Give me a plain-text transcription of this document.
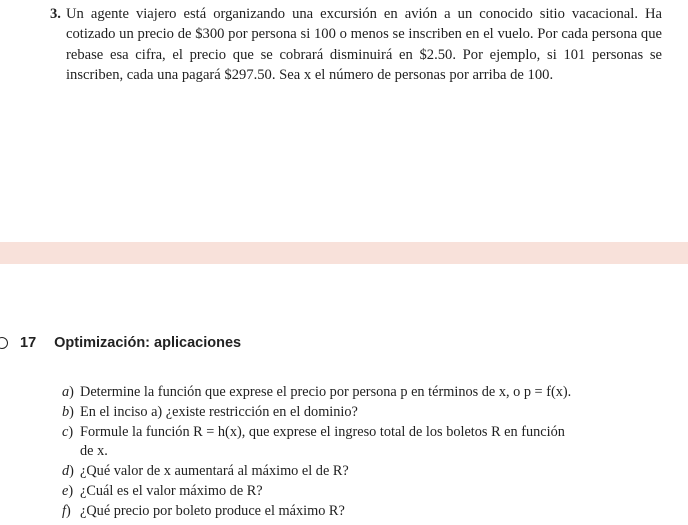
3. Un agente viajero está organizando una excursión en avión a un conocido sitio vacacional. Ha cotizado un precio de $300 por persona si 100 o menos se inscriben en el vuelo. Por cada persona que rebase esa cifra, el precio que se cobrará disminuirá en $2.50. Por ejemplo, si 101 personas se inscriben, cada una pagará $297.50. Sea x el número de personas por arriba de 100.
17 Optimización: aplicaciones
a) Determine la función que exprese el precio por persona p en términos de x, o p = f(x).
b) En el inciso a) ¿existe restricción en el dominio?
c) Formule la función R = h(x), que exprese el ingreso total de los boletos R en función
de x.
d) ¿Qué valor de x aumentará al máximo el de R?
e) ¿Cuál es el valor máximo de R?
f) ¿Qué precio por boleto produce el máximo R?
